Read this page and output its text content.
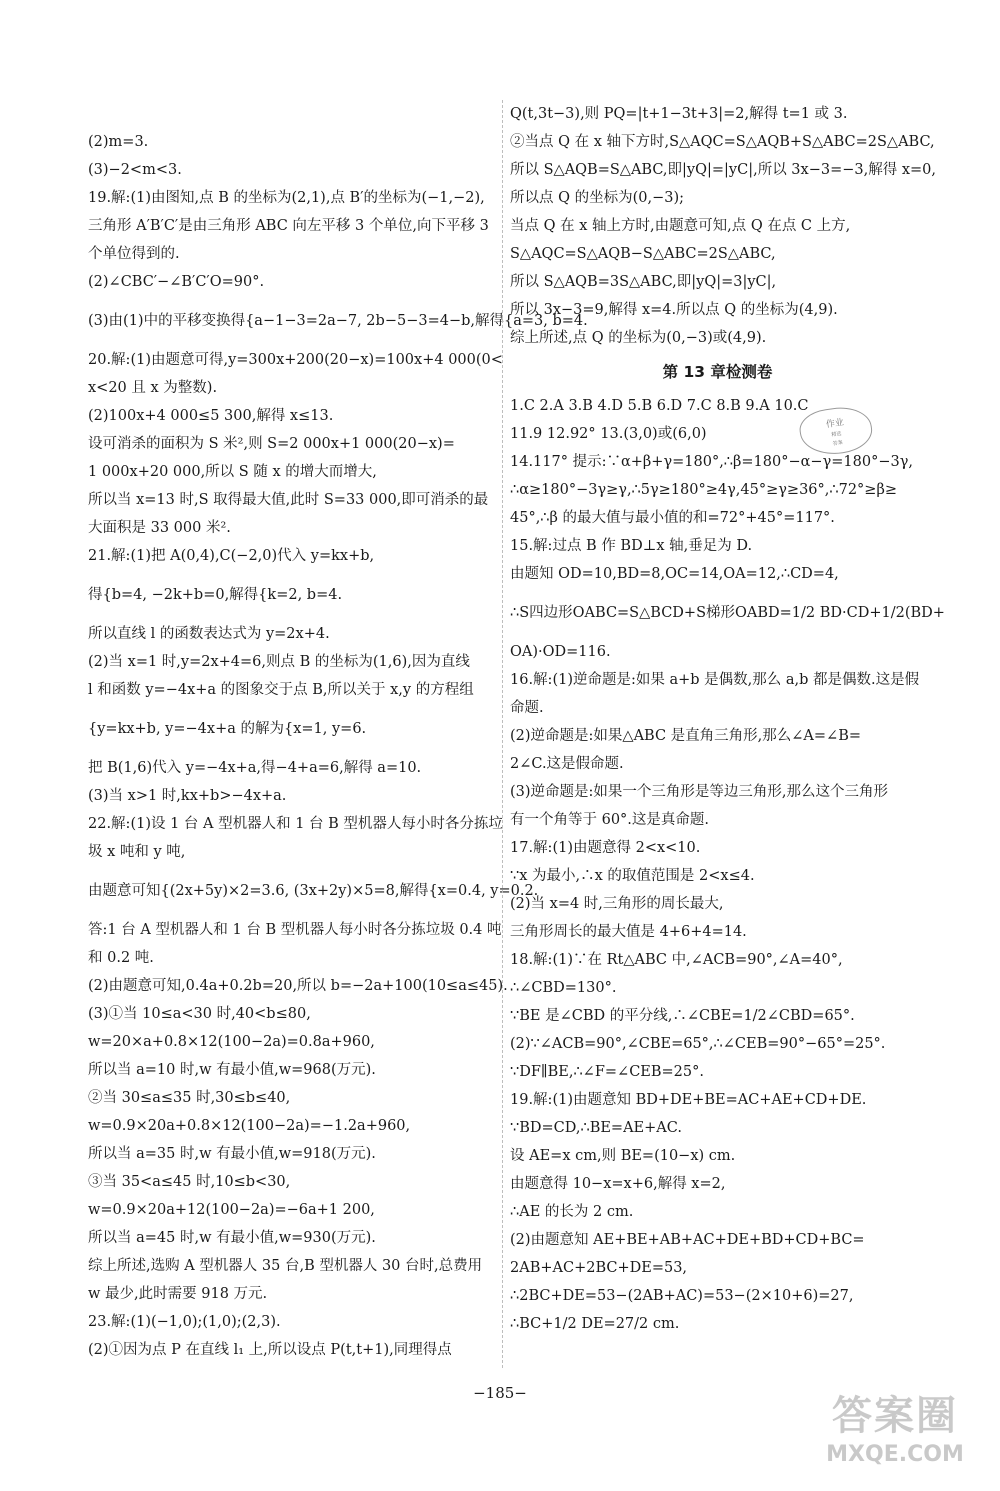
(2)m=3.
(3)−2<m<3.
19.解:(1)由图知,点 B 的坐标为(2,1),点 B′的坐标为(−1,−2),
三角形 A′B′C′是由三角形 ABC 向左平移 3 个单位,向下平移 3
个单位得到的.
(2)∠CBC′−∠B′C′O=90°.
(3)由(1)中的平移变换得{a−1−3=2a−7, 2b−5−3=4−b,解得{a=3, b=4.
20.解:(1)由题意可得,y=300x+200(20−x)=100x+4 000(0<
x<20 且 x 为整数).
(2)100x+4 000≤5 300,解得 x≤13.
设可消杀的面积为 S 米²,则 S=2 000x+1 000(20−x)=
1 000x+20 000,所以 S 随 x 的增大而增大,
所以当 x=13 时,S 取得最大值,此时 S=33 000,即可消杀的最
大面积是 33 000 米².
21.解:(1)把 A(0,4),C(−2,0)代入 y=kx+b,
得{b=4, −2k+b=0,解得{k=2, b=4.
所以直线 l 的函数表达式为 y=2x+4.
(2)当 x=1 时,y=2x+4=6,则点 B 的坐标为(1,6),因为直线
l 和函数 y=−4x+a 的图象交于点 B,所以关于 x,y 的方程组
{y=kx+b, y=−4x+a 的解为{x=1, y=6.
把 B(1,6)代入 y=−4x+a,得−4+a=6,解得 a=10.
(3)当 x>1 时,kx+b>−4x+a.
22.解:(1)设 1 台 A 型机器人和 1 台 B 型机器人每小时各分拣垃
圾 x 吨和 y 吨,
由题意可知{(2x+5y)×2=3.6, (3x+2y)×5=8,解得{x=0.4, y=0.2.
答:1 台 A 型机器人和 1 台 B 型机器人每小时各分拣垃圾 0.4 吨
和 0.2 吨.
(2)由题意可知,0.4a+0.2b=20,所以 b=−2a+100(10≤a≤45).
(3)①当 10≤a<30 时,40<b≤80,
w=20×a+0.8×12(100−2a)=0.8a+960,
所以当 a=10 时,w 有最小值,w=968(万元).
②当 30≤a≤35 时,30≤b≤40,
w=0.9×20a+0.8×12(100−2a)=−1.2a+960,
所以当 a=35 时,w 有最小值,w=918(万元).
③当 35<a≤45 时,10≤b<30,
w=0.9×20a+12(100−2a)=−6a+1 200,
所以当 a=45 时,w 有最小值,w=930(万元).
综上所述,选购 A 型机器人 35 台,B 型机器人 30 台时,总费用
w 最少,此时需要 918 万元.
23.解:(1)(−1,0);(1,0);(2,3).
(2)①因为点 P 在直线 l₁ 上,所以设点 P(t,t+1),同理得点
Q(t,3t−3),则 PQ=|t+1−3t+3|=2,解得 t=1 或 3.
②当点 Q 在 x 轴下方时,S△AQC=S△AQB+S△ABC=2S△ABC,
所以 S△AQB=S△ABC,即|yQ|=|yC|,所以 3x−3=−3,解得 x=0,
所以点 Q 的坐标为(0,−3);
当点 Q 在 x 轴上方时,由题意可知,点 Q 在点 C 上方,
S△AQC=S△AQB−S△ABC=2S△ABC,
所以 S△AQB=3S△ABC,即|yQ|=3|yC|,
所以 3x−3=9,解得 x=4.所以点 Q 的坐标为(4,9).
综上所述,点 Q 的坐标为(0,−3)或(4,9).
第 13 章检测卷
1.C 2.A 3.B 4.D 5.B 6.D 7.C 8.B 9.A 10.C
11.9 12.92° 13.(3,0)或(6,0)
14.117° 提示:∵α+β+γ=180°,∴β=180°−α−γ=180°−3γ,
∴α≥180°−3γ≥γ,∴5γ≥180°≥4γ,45°≥γ≥36°,∴72°≥β≥
45°,∴β 的最大值与最小值的和=72°+45°=117°.
15.解:过点 B 作 BD⊥x 轴,垂足为 D.
由题知 OD=10,BD=8,OC=14,OA=12,∴CD=4,
∴S四边形OABC=S△BCD+S梯形OABD=1/2 BD·CD+1/2(BD+
OA)·OD=116.
16.解:(1)逆命题是:如果 a+b 是偶数,那么 a,b 都是偶数.这是假
命题.
(2)逆命题是:如果△ABC 是直角三角形,那么∠A=∠B=
2∠C.这是假命题.
(3)逆命题是:如果一个三角形是等边三角形,那么这个三角形
有一个角等于 60°.这是真命题.
17.解:(1)由题意得 2<x<10.
∵x 为最小,∴x 的取值范围是 2<x≤4.
(2)当 x=4 时,三角形的周长最大,
三角形周长的最大值是 4+6+4=14.
18.解:(1)∵在 Rt△ABC 中,∠ACB=90°,∠A=40°,
∴∠CBD=130°.
∵BE 是∠CBD 的平分线,∴∠CBE=1/2∠CBD=65°.
(2)∵∠ACB=90°,∠CBE=65°,∴∠CEB=90°−65°=25°.
∵DF∥BE,∴∠F=∠CEB=25°.
19.解:(1)由题意知 BD+DE+BE=AC+AE+CD+DE.
∵BD=CD,∴BE=AE+AC.
设 AE=x cm,则 BE=(10−x) cm.
由题意得 10−x=x+6,解得 x=2,
∴AE 的长为 2 cm.
(2)由题意知 AE+BE+AB+AC+DE+BD+CD+BC=
2AB+AC+2BC+DE=53,
∴2BC+DE=53−(2AB+AC)=53−(2×10+6)=27,
∴BC+1/2 DE=27/2 cm.
作业
精选
答案
−185−	答案圈
MXQE.COM
